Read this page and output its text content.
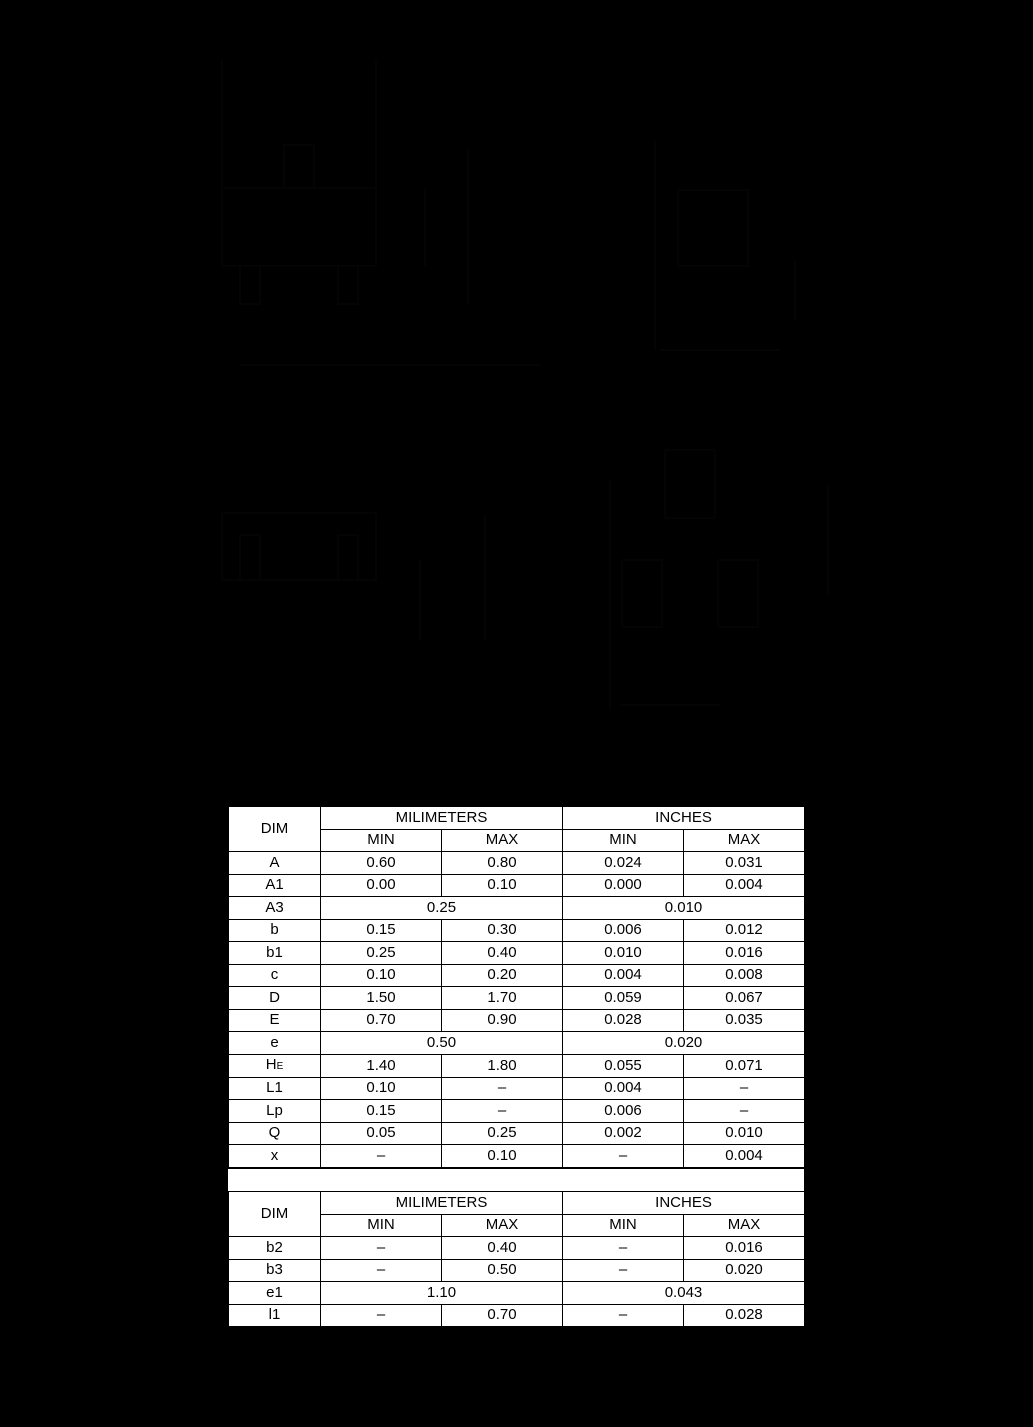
DIM	MILIMETERS		INCHES	
	MIN	MAX	MIN	MAX
A	0.60	0.80	0.024	0.031
A1	0.00	0.10	0.000	0.004
A3	0.25		0.010	
b	0.15	0.30	0.006	0.012
b1	0.25	0.40	0.010	0.016
c	0.10	0.20	0.004	0.008
D	1.50	1.70	0.059	0.067
E	0.70	0.90	0.028	0.035
e	0.50		0.020	
HE	1.40	1.80	0.055	0.071
L1	0.10	–	0.004	–
Lp	0.15	–	0.006	–
Q	0.05	0.25	0.002	0.010
x	–	0.10	–	0.004
DIM	MILIMETERS		INCHES	
	MIN	MAX	MIN	MAX
b2	–	0.40	–	0.016
b3	–	0.50	–	0.020
e1	1.10		0.043	
l1	–	0.70	–	0.028
